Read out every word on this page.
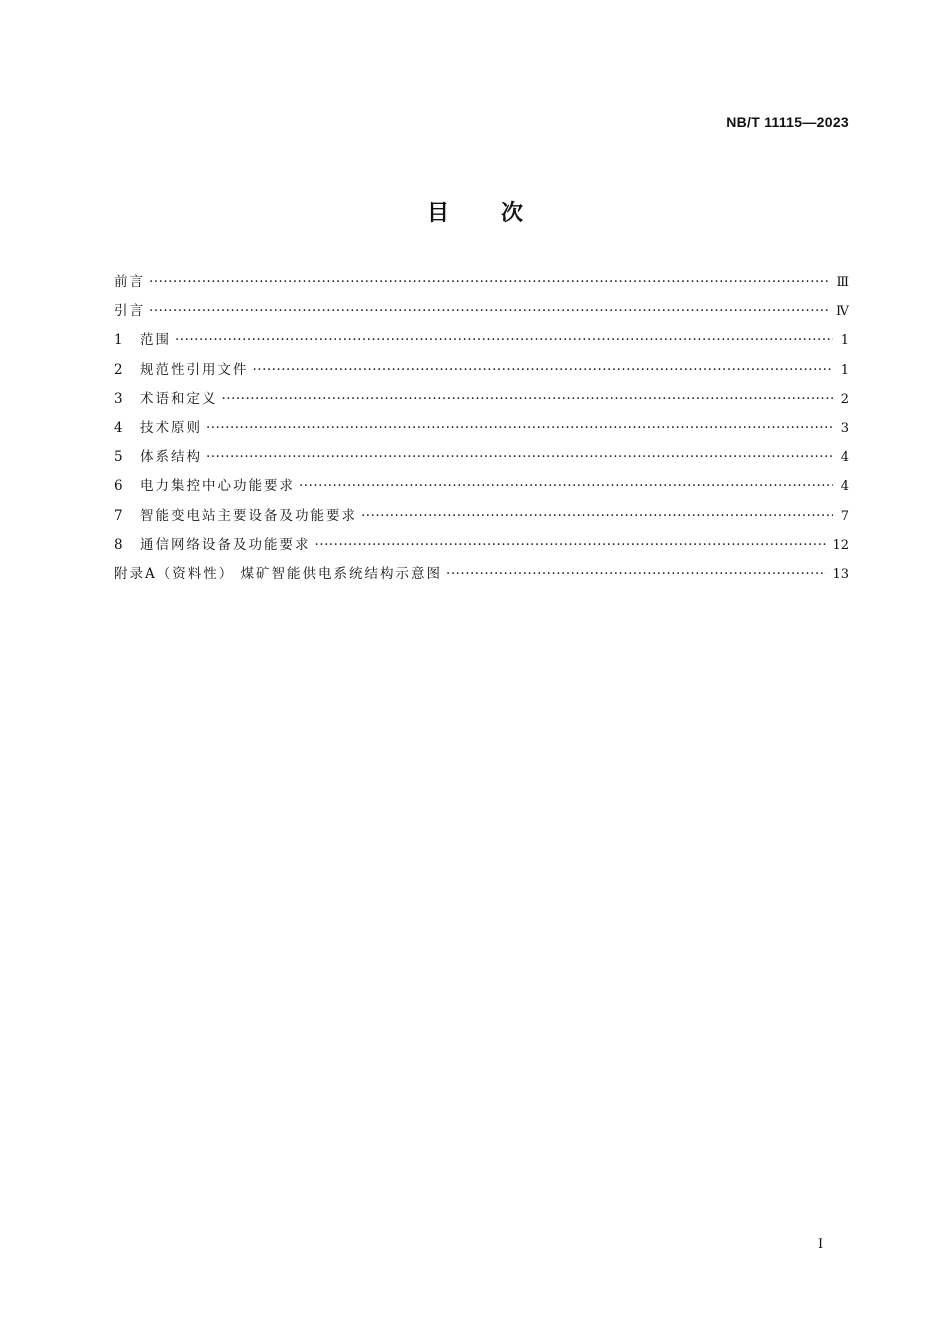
NB/T 11115—2023
目 次
前言 ·····	Ⅲ
引言 ·····	Ⅳ
1	范围 ·····	1
2	规范性引用文件 ·····	1
3	术语和定义 ·····	2
4	技术原则 ·····	3
5	体系结构 ·····	4
6	电力集控中心功能要求 ·····	4
7	智能变电站主要设备及功能要求 ·····	7
8	通信网络设备及功能要求 ·····	12
附录A（资料性） 煤矿智能供电系统结构示意图 ·····	13
I
